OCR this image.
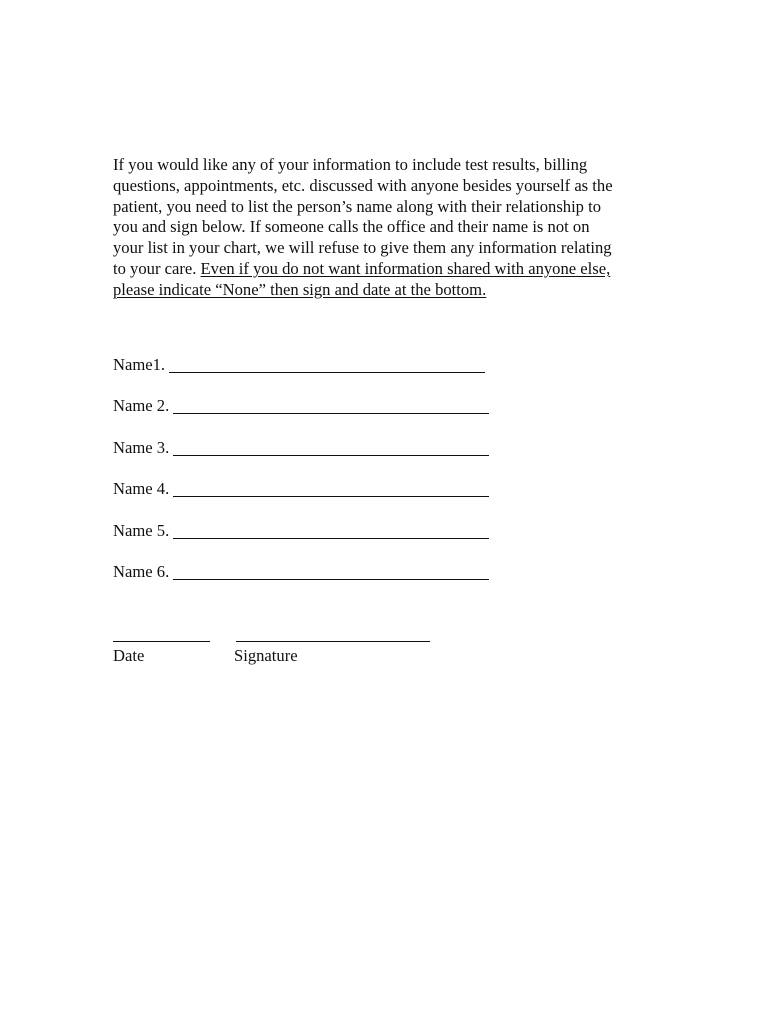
If you would like any of your information to include test results, billing
questions, appointments, etc. discussed with anyone besides yourself as the
patient, you need to list the person’s name along with their relationship to
you and sign below. If someone calls the office and their name is not on
your list in your chart, we will refuse to give them any information relating
to your care. Even if you do not want information shared with anyone else,
please indicate “None” then sign and date at the bottom.
Name1.
Name 2.
Name 3.
Name 4.
Name 5.
Name 6.
Date	Signature
